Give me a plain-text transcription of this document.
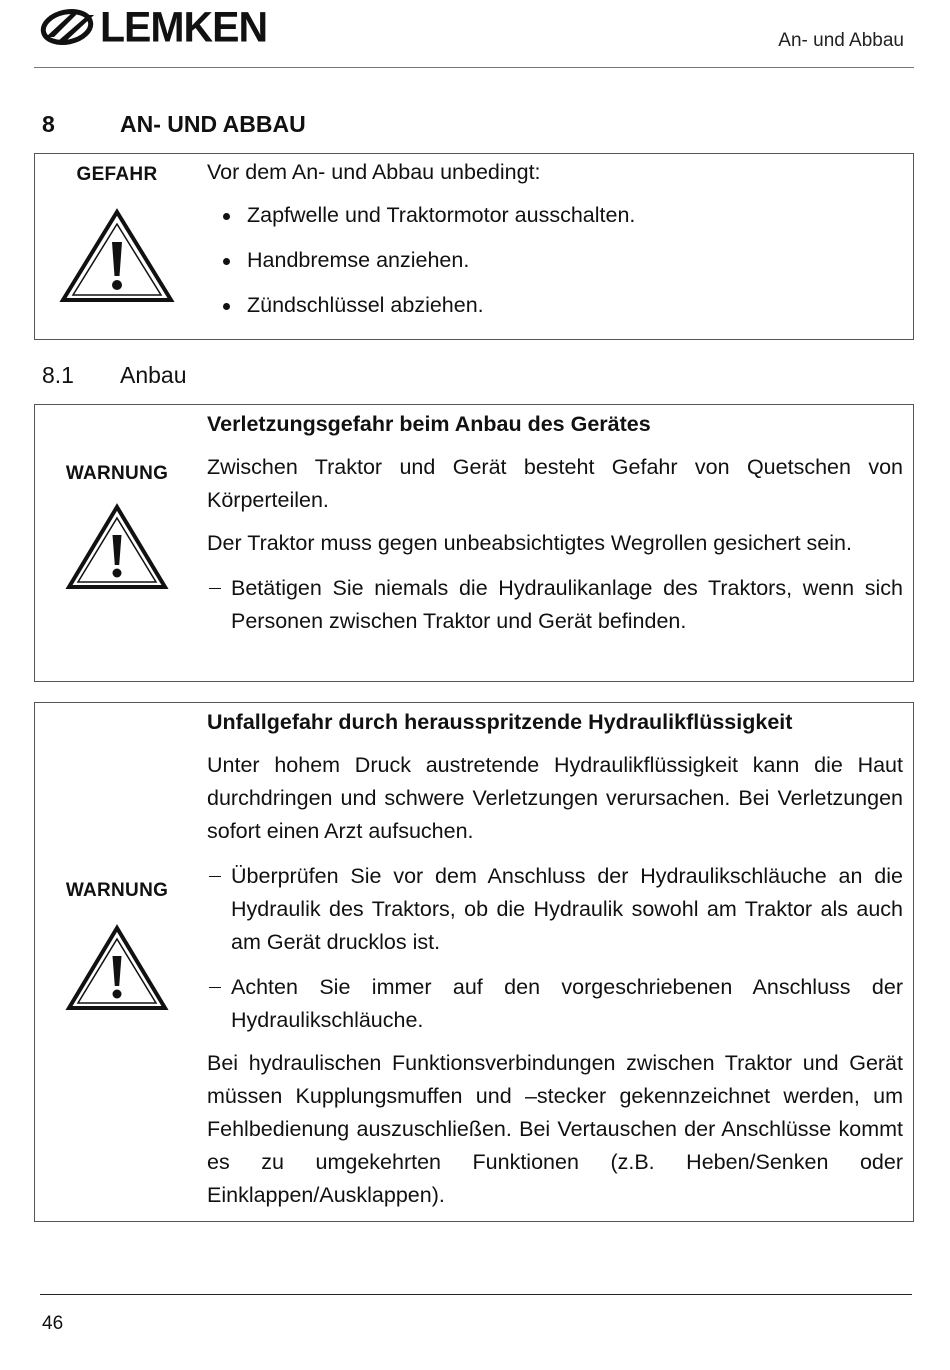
LEMKEN	An- und Abbau
8	AN- UND ABBAU
GEFAHR	Vor dem An- und Abbau unbedingt:

Zapfwelle und Traktormotor ausschalten.
Handbremse anziehen.
Zündschlüssel abziehen.
8.1	Anbau
WARNUNG

Verletzungsgefahr beim Anbau des Gerätes

Zwischen Traktor und Gerät besteht Gefahr von Quetschen von Körperteilen.

Der Traktor muss gegen unbeabsichtigtes Wegrollen gesichert sein.

Betätigen Sie niemals die Hydraulikanlage des Traktors, wenn sich Personen zwischen Traktor und Gerät befinden.
WARNUNG

Unfallgefahr durch herausspritzende Hydraulikflüssigkeit

Unter hohem Druck austretende Hydraulikflüssigkeit kann die Haut durchdringen und schwere Verletzungen verursachen. Bei Verletzungen sofort einen Arzt aufsuchen.

Überprüfen Sie vor dem Anschluss der Hydraulikschläuche an die Hydraulik des Traktors, ob die Hydraulik sowohl am Traktor als auch am Gerät drucklos ist.
Achten Sie immer auf den vorgeschriebenen Anschluss der Hydraulikschläuche.

Bei hydraulischen Funktionsverbindungen zwischen Traktor und Gerät müssen Kupplungsmuffen und –stecker gekennzeichnet werden, um Fehlbedienung auszuschließen. Bei Vertauschen der Anschlüsse kommt es zu umgekehrten Funktionen (z.B. Heben/Senken oder Einklappen/Ausklappen).

46
